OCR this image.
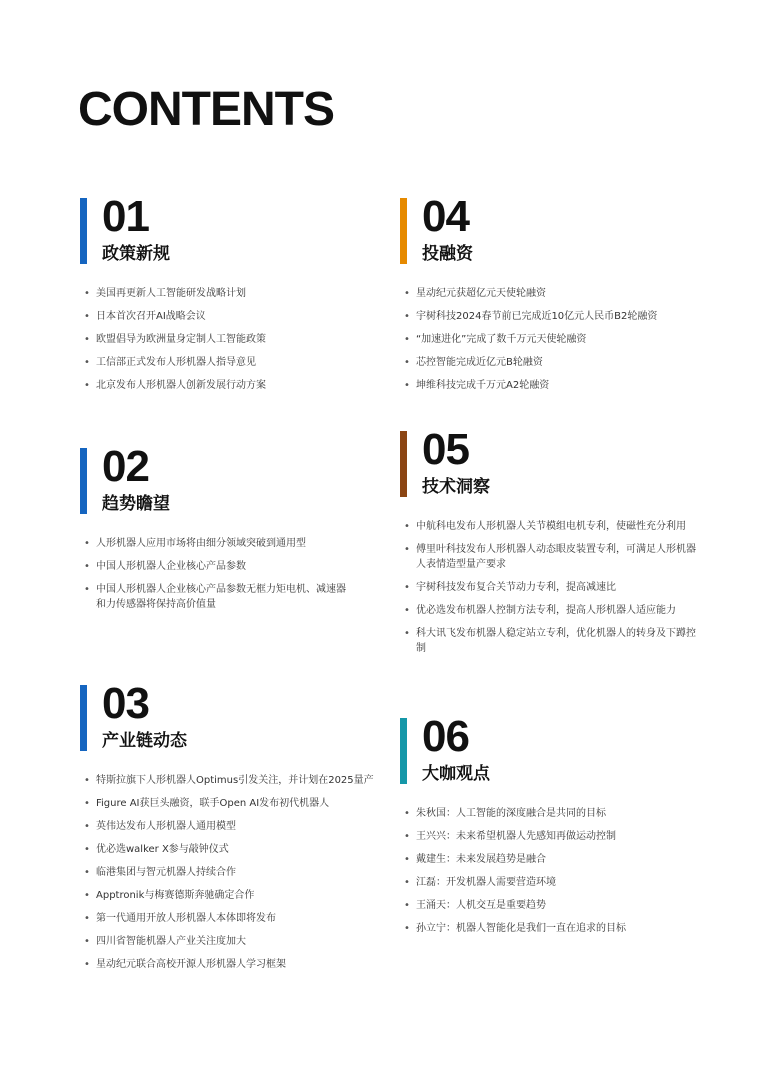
CONTENTS
01
政策新规
• 美国再更新人工智能研发战略计划
• 日本首次召开AI战略会议
• 欧盟倡导为欧洲量身定制人工智能政策
• 工信部正式发布人形机器人指导意见
• 北京发布人形机器人创新发展行动方案
04
投融资
• 星动纪元获超亿元天使轮融资
• 宇树科技2024春节前已完成近10亿元人民币B2轮融资
• “加速进化”完成了数千万元天使轮融资
• 芯控智能完成近亿元B轮融资
• 坤维科技完成千万元A2轮融资
02
趋势瞻望
• 人形机器人应用市场将由细分领域突破到通用型
• 中国人形机器人企业核心产品参数
• 中国人形机器人企业核心产品参数无框力矩电机、减速器和力传感器将保持高价值量
05
技术洞察
• 中航科电发布人形机器人关节模组电机专利，使磁性充分利用
• 傅里叶科技发布人形机器人动态眼皮装置专利，可满足人形机器人表情造型量产要求
• 宇树科技发布复合关节动力专利，提高减速比
• 优必选发布机器人控制方法专利，提高人形机器人适应能力
• 科大讯飞发布机器人稳定站立专利，优化机器人的转身及下蹲控制
03
产业链动态
• 特斯拉旗下人形机器人Optimus引发关注，并计划在2025量产
• Figure AI获巨头融资，联手Open AI发布初代机器人
• 英伟达发布人形机器人通用模型
• 优必选walker X参与敲钟仪式
• 临港集团与智元机器人持续合作
• Apptronik与梅赛德斯奔驰确定合作
• 第一代通用开放人形机器人本体即将发布
• 四川省智能机器人产业关注度加大
• 星动纪元联合高校开源人形机器人学习框架
06
大咖观点
• 朱秋国：人工智能的深度融合是共同的目标
• 王兴兴：未来希望机器人先感知再做运动控制
• 戴建生：未来发展趋势是融合
• 江磊：开发机器人需要营造环境
• 王涌天：人机交互是重要趋势
• 孙立宁：机器人智能化是我们一直在追求的目标
